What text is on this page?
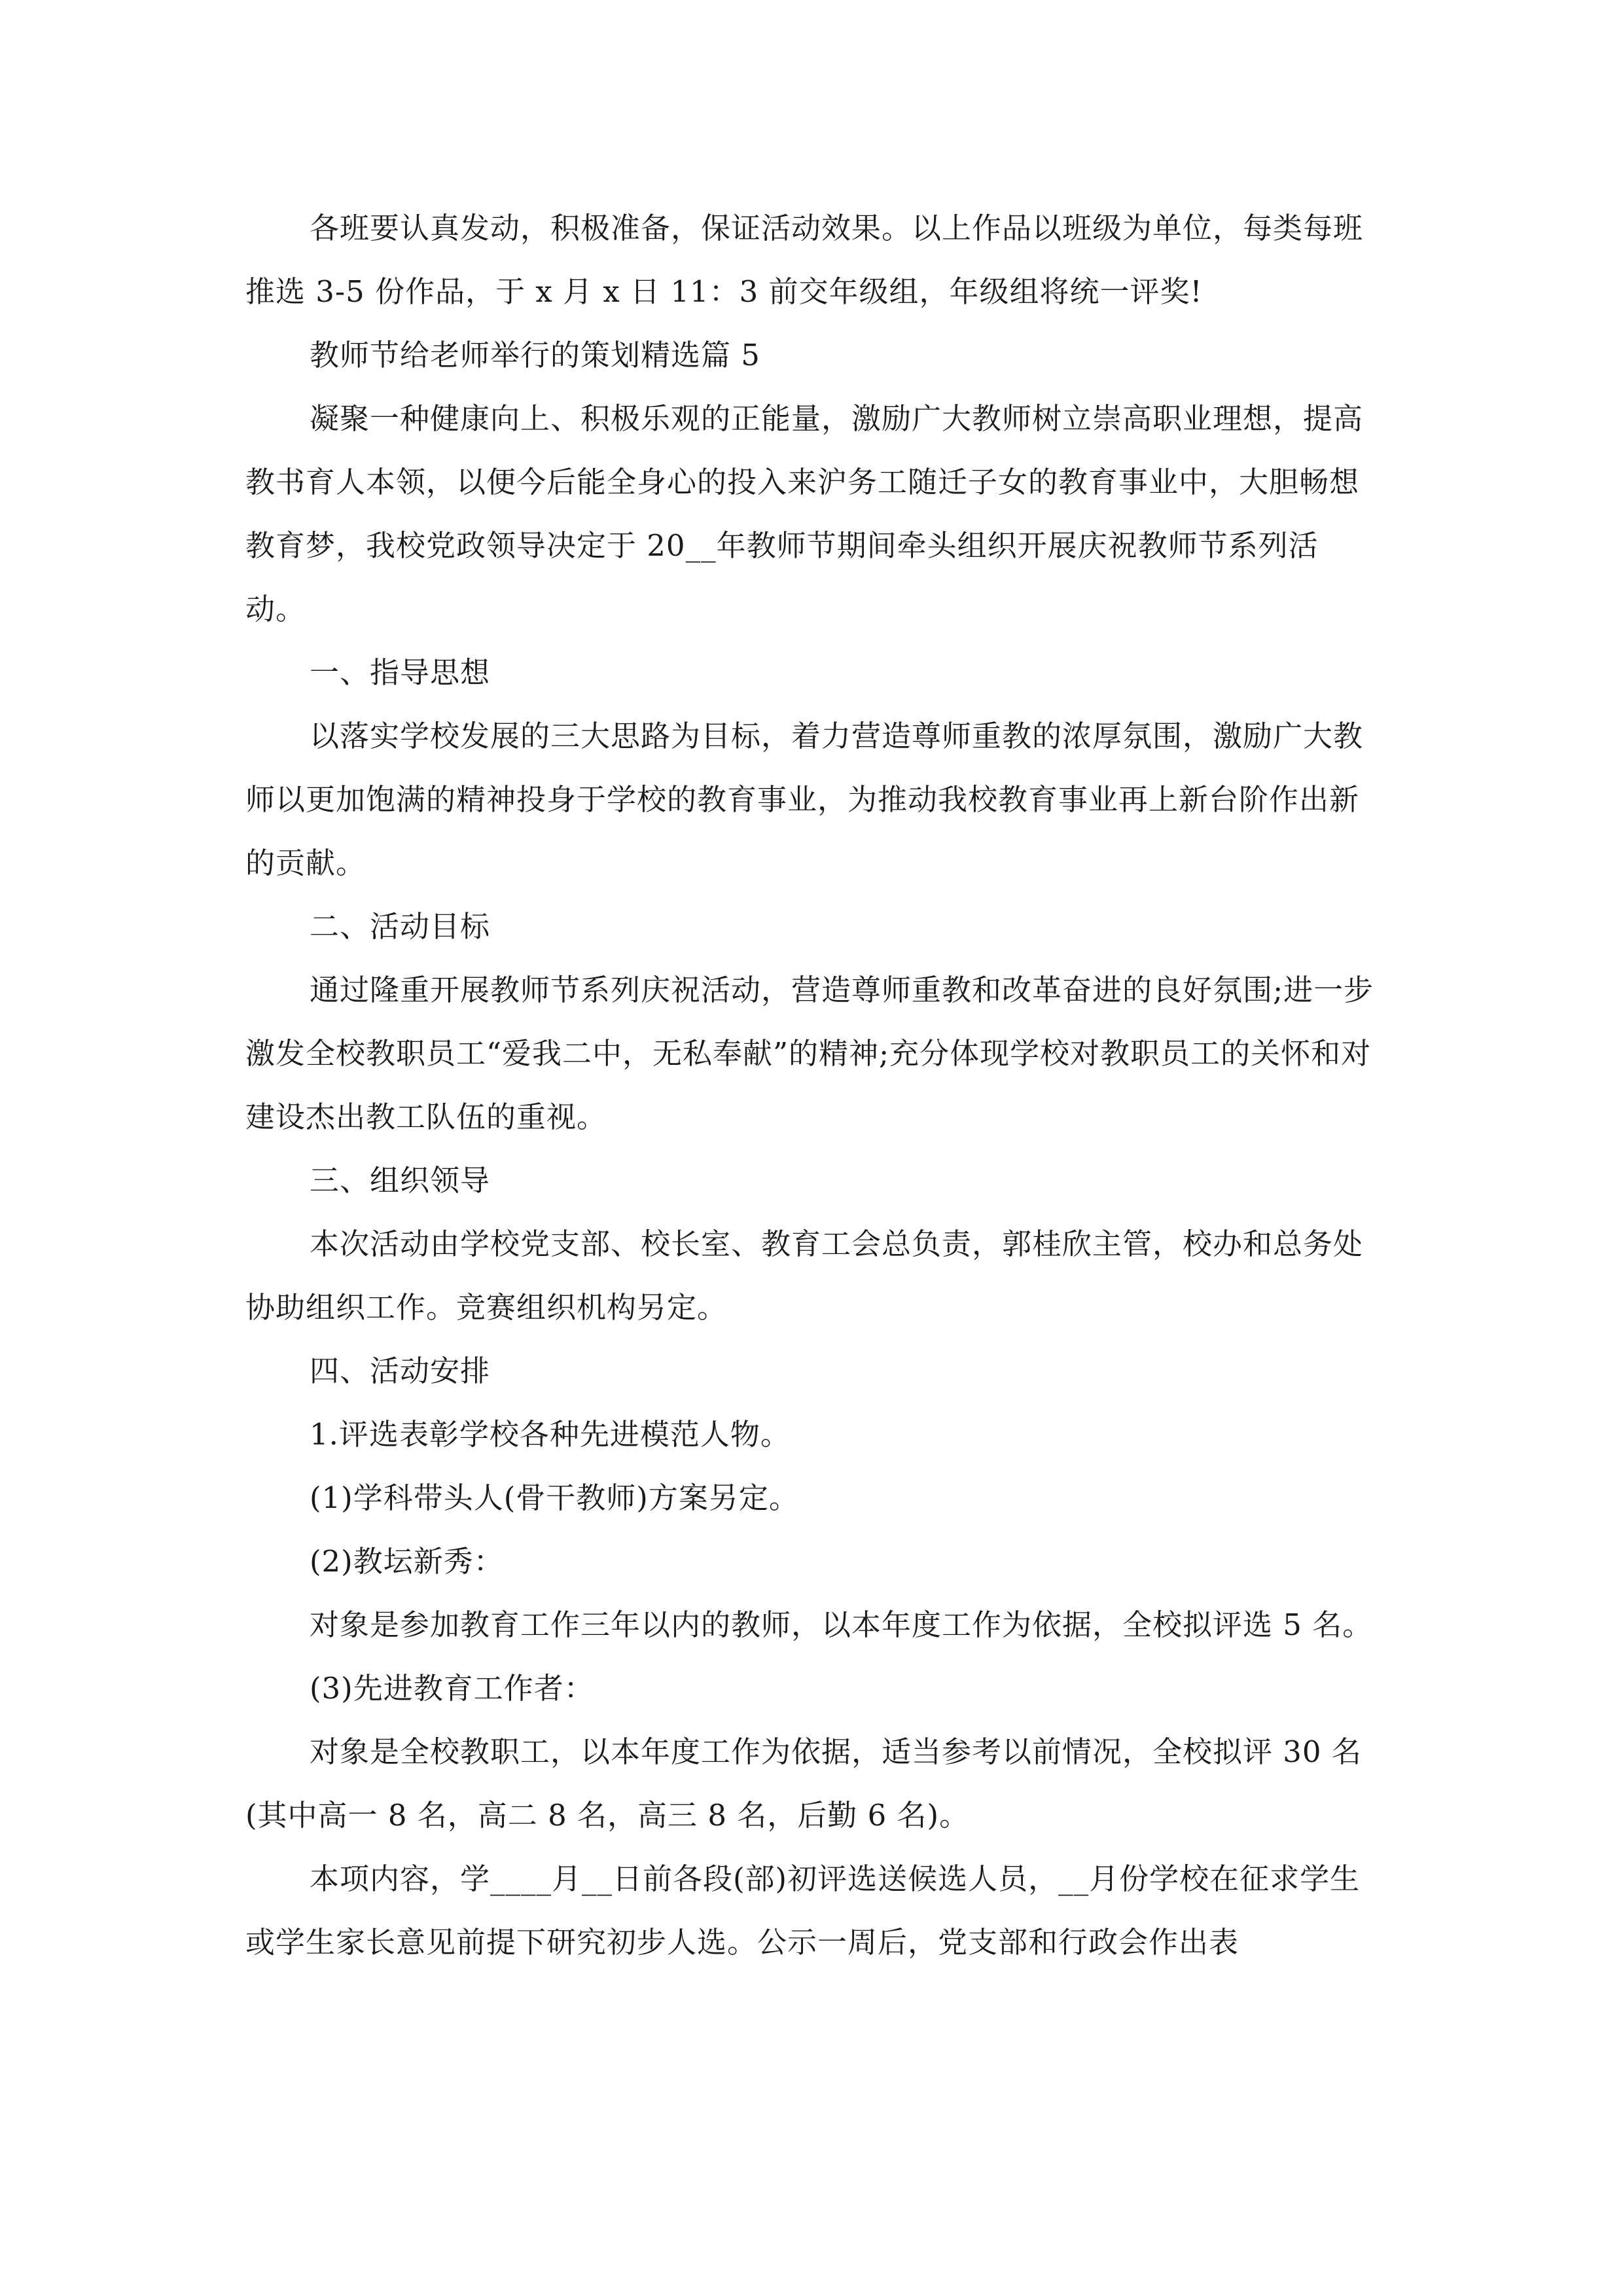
各班要认真发动，积极准备，保证活动效果。以上作品以班级为单位，每类每班推选 3-5 份作品，于 x 月 x 日 11：3 前交年级组，年级组将统一评奖!

教师节给老师举行的策划精选篇 5

凝聚一种健康向上、积极乐观的正能量，激励广大教师树立崇高职业理想，提高教书育人本领，以便今后能全身心的投入来沪务工随迁子女的教育事业中，大胆畅想教育梦，我校党政领导决定于 20__年教师节期间牵头组织开展庆祝教师节系列活动。

一、指导思想

以落实学校发展的三大思路为目标，着力营造尊师重教的浓厚氛围，激励广大教师以更加饱满的精神投身于学校的教育事业，为推动我校教育事业再上新台阶作出新的贡献。

二、活动目标

通过隆重开展教师节系列庆祝活动，营造尊师重教和改革奋进的良好氛围;进一步激发全校教职员工“爱我二中，无私奉献”的精神;充分体现学校对教职员工的关怀和对建设杰出教工队伍的重视。

三、组织领导

本次活动由学校党支部、校长室、教育工会总负责，郭桂欣主管，校办和总务处协助组织工作。竞赛组织机构另定。

四、活动安排

1.评选表彰学校各种先进模范人物。

(1)学科带头人(骨干教师)方案另定。

(2)教坛新秀：

对象是参加教育工作三年以内的教师，以本年度工作为依据，全校拟评选 5 名。

(3)先进教育工作者：

对象是全校教职工，以本年度工作为依据，适当参考以前情况，全校拟评 30 名(其中高一 8 名，高二 8 名，高三 8 名，后勤 6 名)。

本项内容，学____月__日前各段(部)初评选送候选人员，__月份学校在征求学生或学生家长意见前提下研究初步人选。公示一周后，党支部和行政会作出表
